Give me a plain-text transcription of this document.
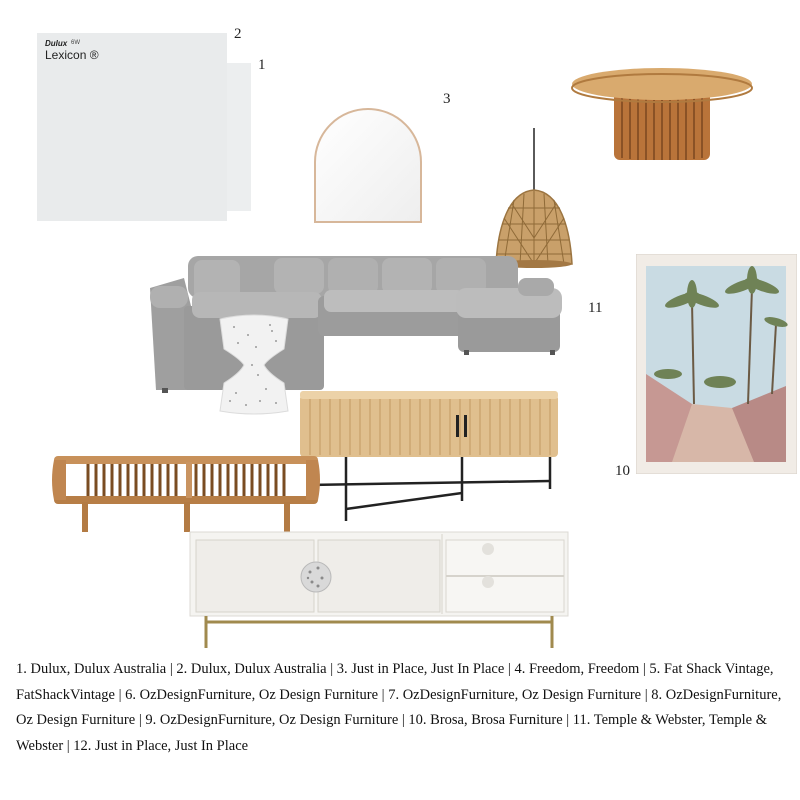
Dulux 6W
Lexicon ®
2
1
3
11
10
1. Dulux, Dulux Australia | 2. Dulux, Dulux Australia | 3. Just in Place, Just In Place | 4. Freedom, Freedom | 5. Fat Shack Vintage, FatShackVintage | 6. OzDesignFurniture, Oz Design Furniture | 7. OzDesignFurniture, Oz Design Furniture | 8. OzDesignFurniture, Oz Design Furniture | 9. OzDesignFurniture, Oz Design Furniture | 10. Brosa, Brosa Furniture | 11. Temple & Webster, Temple & Webster | 12. Just in Place, Just In Place
